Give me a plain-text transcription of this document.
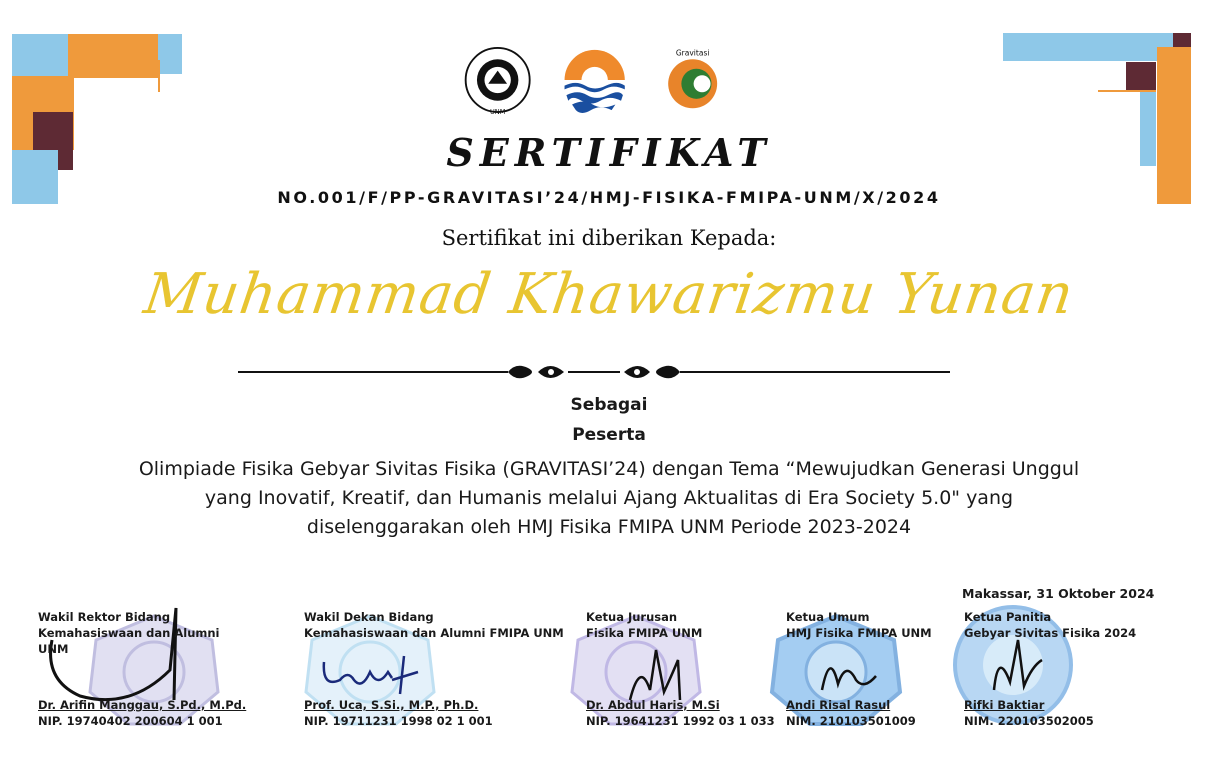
UNM
Gravitasi
SERTIFIKAT
NO.001/F/PP-GRAVITASI’24/HMJ-FISIKA-FMIPA-UNM/X/2024
Sertifikat ini diberikan Kepada:
Muhammad Khawarizmu Yunan
Sebagai
Peserta
Olimpiade Fisika Gebyar Sivitas Fisika (GRAVITASI’24) dengan Tema “Mewujudkan Generasi Unggul
yang Inovatif, Kreatif, dan Humanis melalui Ajang Aktualitas di Era Society 5.0" yang
diselenggarakan oleh HMJ Fisika FMIPA UNM Periode 2023-2024
Makassar, 31 Oktober 2024
Wakil Rektor Bidang
Kemahasiswaan dan Alumni UNM
Dr. Arifin Manggau, S.Pd., M.Pd.
NIP. 19740402 200604 1 001
Wakil Dekan Bidang
Kemahasiswaan dan Alumni FMIPA UNM
Prof. Uca, S.Si., M.P., Ph.D.
NIP. 19711231 1998 02 1 001
Ketua Jurusan
Fisika FMIPA UNM
Dr. Abdul Haris, M.Si
NIP. 19641231 1992 03 1 033
Ketua Umum
HMJ Fisika FMIPA UNM
Andi Risal Rasul
NIM. 210103501009
Ketua Panitia
Gebyar Sivitas Fisika 2024
Rifki Baktiar
NIM. 220103502005
